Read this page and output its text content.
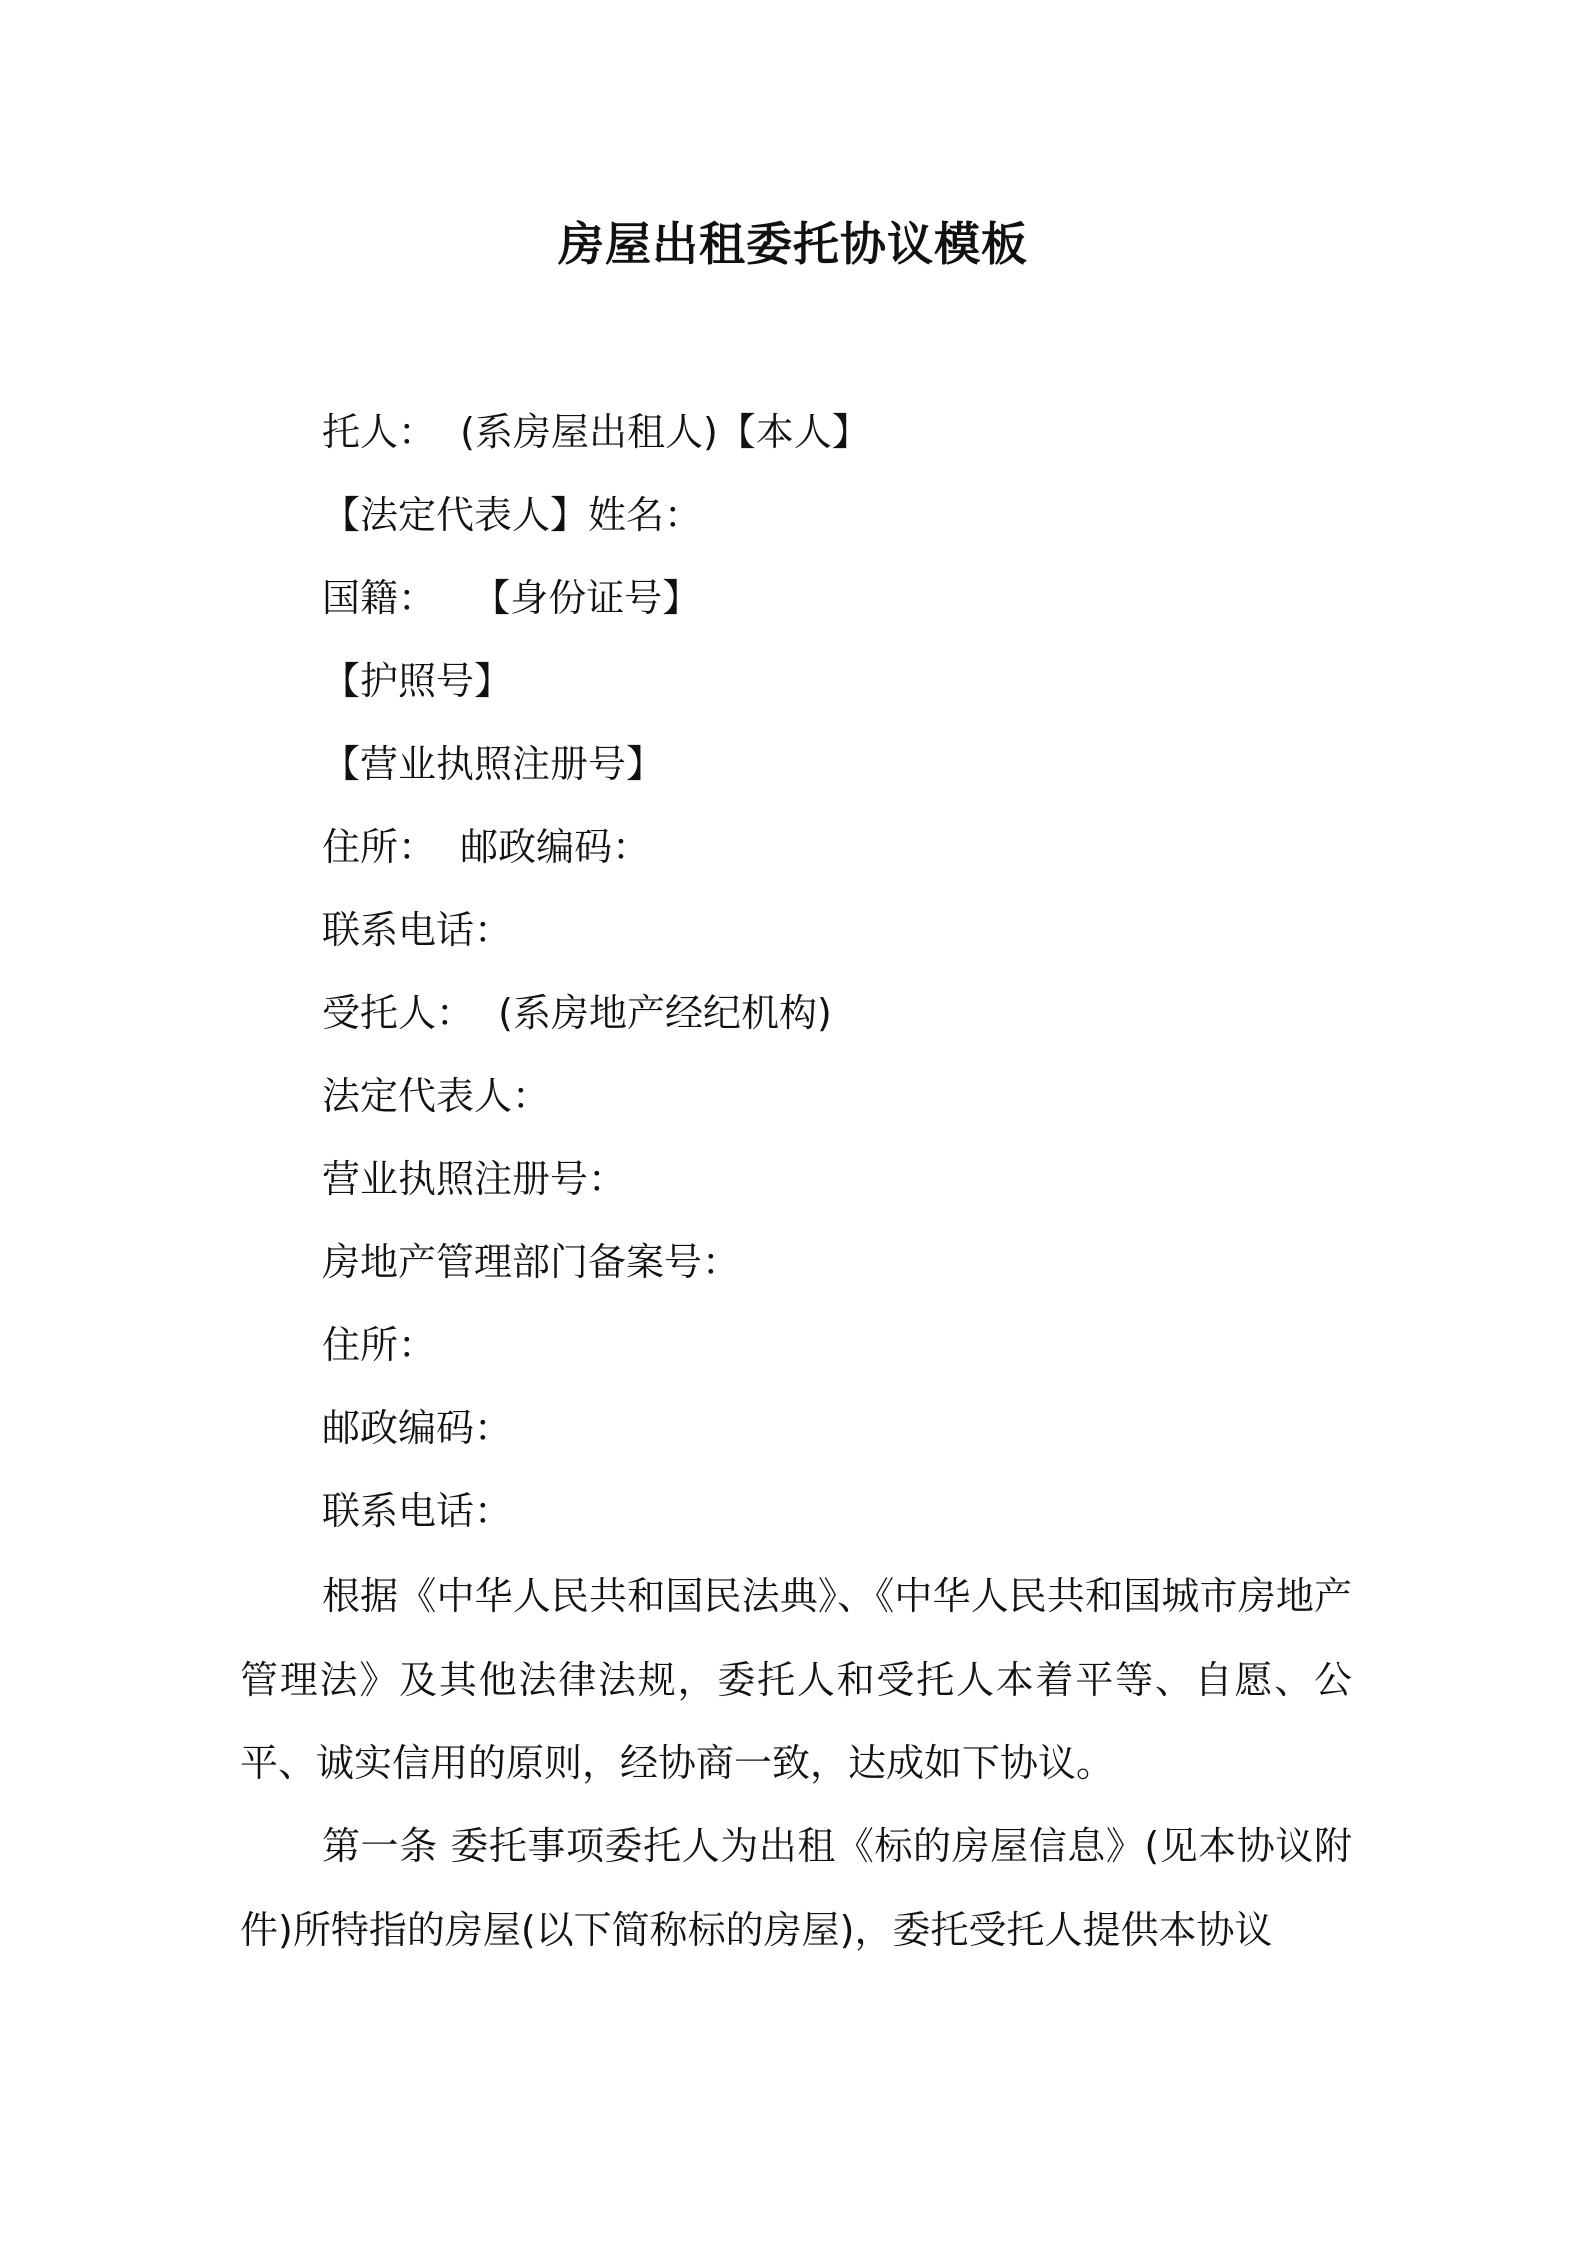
房屋出租委托协议模板
托人：  (系房屋出租人)【本人】
【法定代表人】姓名：
国籍：   【身份证号】
【护照号】
【营业执照注册号】
住所：  邮政编码：
联系电话：
受托人：  (系房地产经纪机构)
法定代表人：
营业执照注册号：
房地产管理部门备案号：
住所：
邮政编码：
联系电话：
根据《中华人民共和国民法典》、《中华人民共和国城市房地产管理法》及其他法律法规，委托人和受托人本着平等、自愿、公平、诚实信用的原则，经协商一致，达成如下协议。
第一条 委托事项委托人为出租《标的房屋信息》(见本协议附件)所特指的房屋(以下简称标的房屋)，委托受托人提供本协议
